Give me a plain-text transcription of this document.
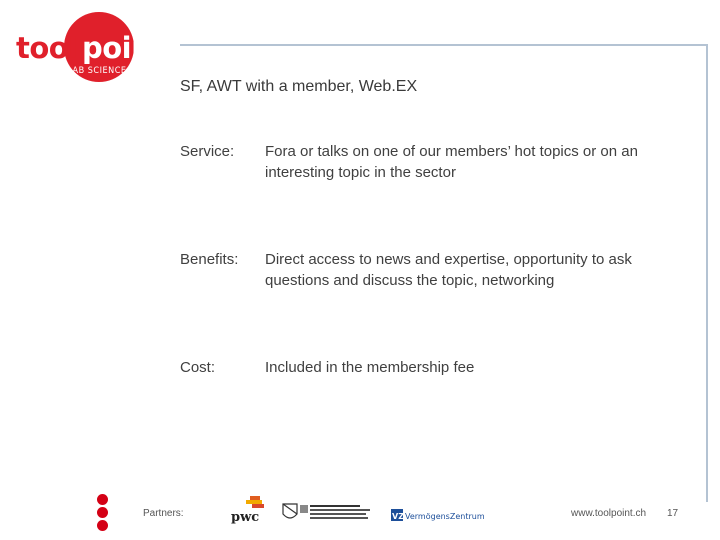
tool point
FOR LAB SCIENCE
SF, AWT with a member, Web.EX
Service: Fora or talks on one of our members’ hot topics or on an interesting topic in the sector
Benefits: Direct access to news and expertise, opportunity to ask questions and discuss the topic, networking
Cost:	Included in the membership fee
Partners:	pwc	VZ VermögensZentrum	www.toolpoint.ch 17
